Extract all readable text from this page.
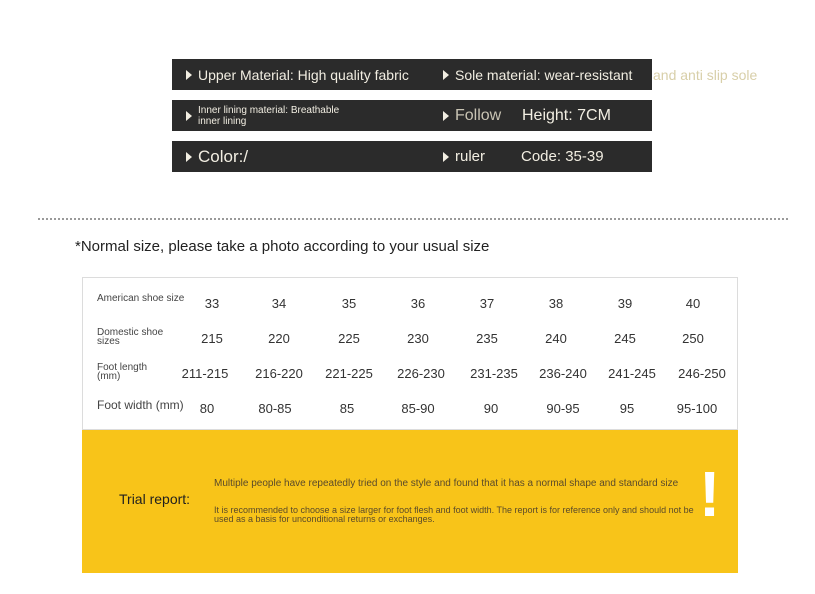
Upper Material: High quality fabric	Sole material: wear-resistant and anti slip sole
Inner lining material: Breathable
inner lining	Follow Height: 7CM
Color:/	ruler Code: 35-39
*Normal size, please take a photo according to your usual size
American shoe size	33	34	35	36	37	38	39	40
Domestic shoe
sizes	215	220	225	230	235	240	245	250
Foot length
(mm)	211-215	216-220	221-225	226-230	231-235	236-240	241-245	246-250
Foot width (mm)	80	80-85	85	85-90	90	90-95	95	95-100
Trial report:
Multiple people have repeatedly tried on the style and found that it has a normal shape and standard size
It is recommended to choose a size larger for foot flesh and foot width. The report is for reference only and should not be used as a basis for unconditional returns or exchanges.	!
